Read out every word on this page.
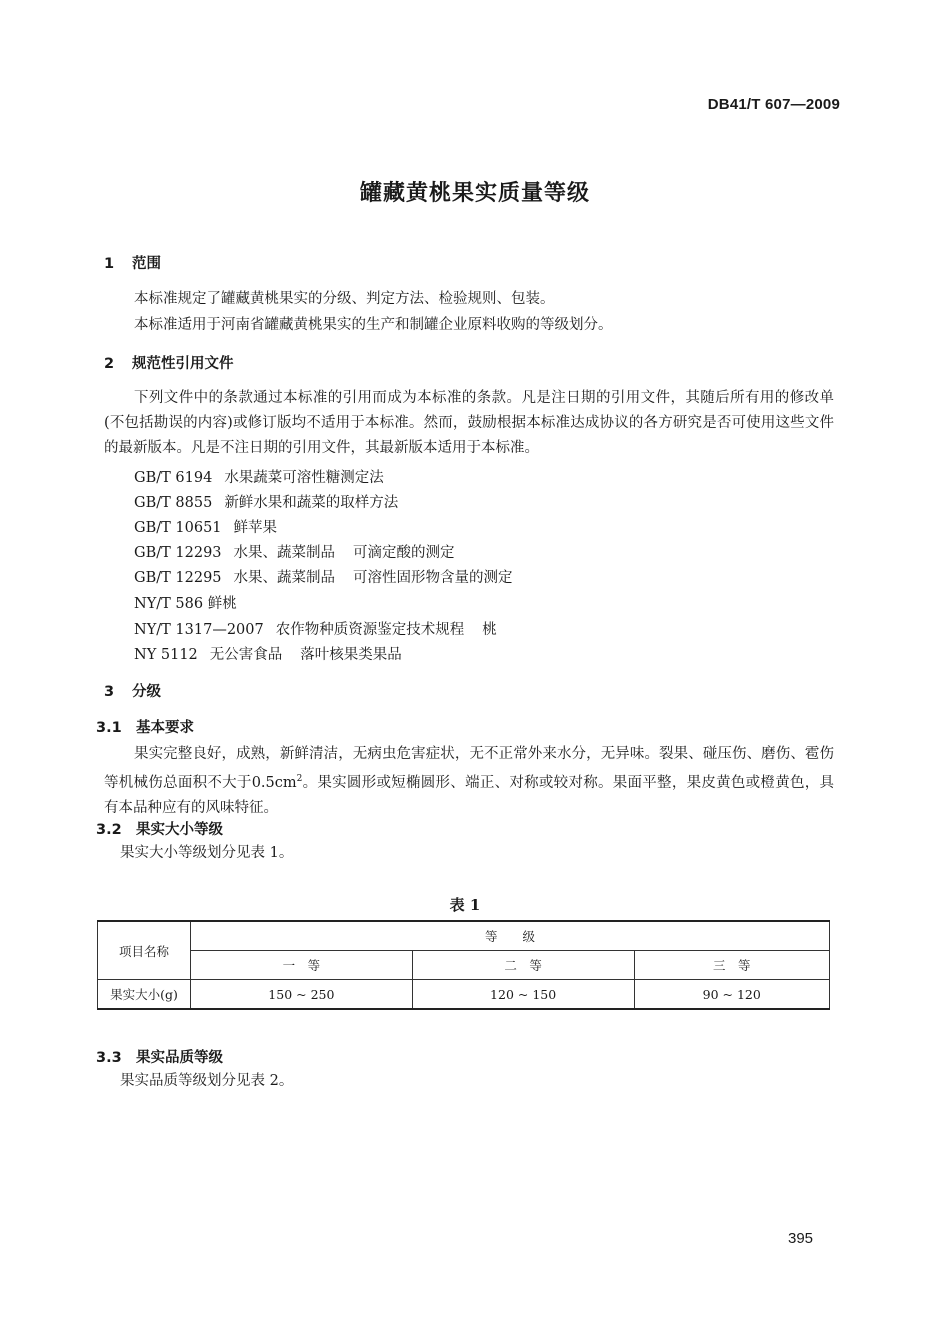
DB41/T 607—2009
罐藏黄桃果实质量等级
1 范围
本标准规定了罐藏黄桃果实的分级、判定方法、检验规则、包装。
本标准适用于河南省罐藏黄桃果实的生产和制罐企业原料收购的等级划分。
2 规范性引用文件
下列文件中的条款通过本标准的引用而成为本标准的条款。凡是注日期的引用文件，其随后所有用的修改单(不包括勘误的内容)或修订版均不适用于本标准。然而，鼓励根据本标准达成协议的各方研究是否可使用这些文件的最新版本。凡是不注日期的引用文件，其最新版本适用于本标准。
GB/T 6194 水果蔬菜可溶性糖测定法
GB/T 8855 新鲜水果和蔬菜的取样方法
GB/T 10651 鲜苹果
GB/T 12293 水果、蔬菜制品 可滴定酸的测定
GB/T 12295 水果、蔬菜制品 可溶性固形物含量的测定
NY/T 586 鲜桃
NY/T 1317—2007 农作物种质资源鉴定技术规程 桃
NY 5112 无公害食品 落叶核果类果品
3 分级
3.1 基本要求
果实完整良好，成熟，新鲜清洁，无病虫危害症状，无不正常外来水分，无异味。裂果、碰压伤、磨伤、雹伤等机械伤总面积不大于$0.5cm^2$。果实圆形或短椭圆形、端正、对称或较对称。果面平整，果皮黄色或橙黄色，具有本品种应有的风味特征。
3.2 果实大小等级
果实大小等级划分见表 1。
表 1
项目名称	等　　级		
	一　等	二　等	三　等
果实大小(g)	150 ~ 250	120 ~ 150	90 ~ 120
3.3 果实品质等级
果实品质等级划分见表 2。
395
